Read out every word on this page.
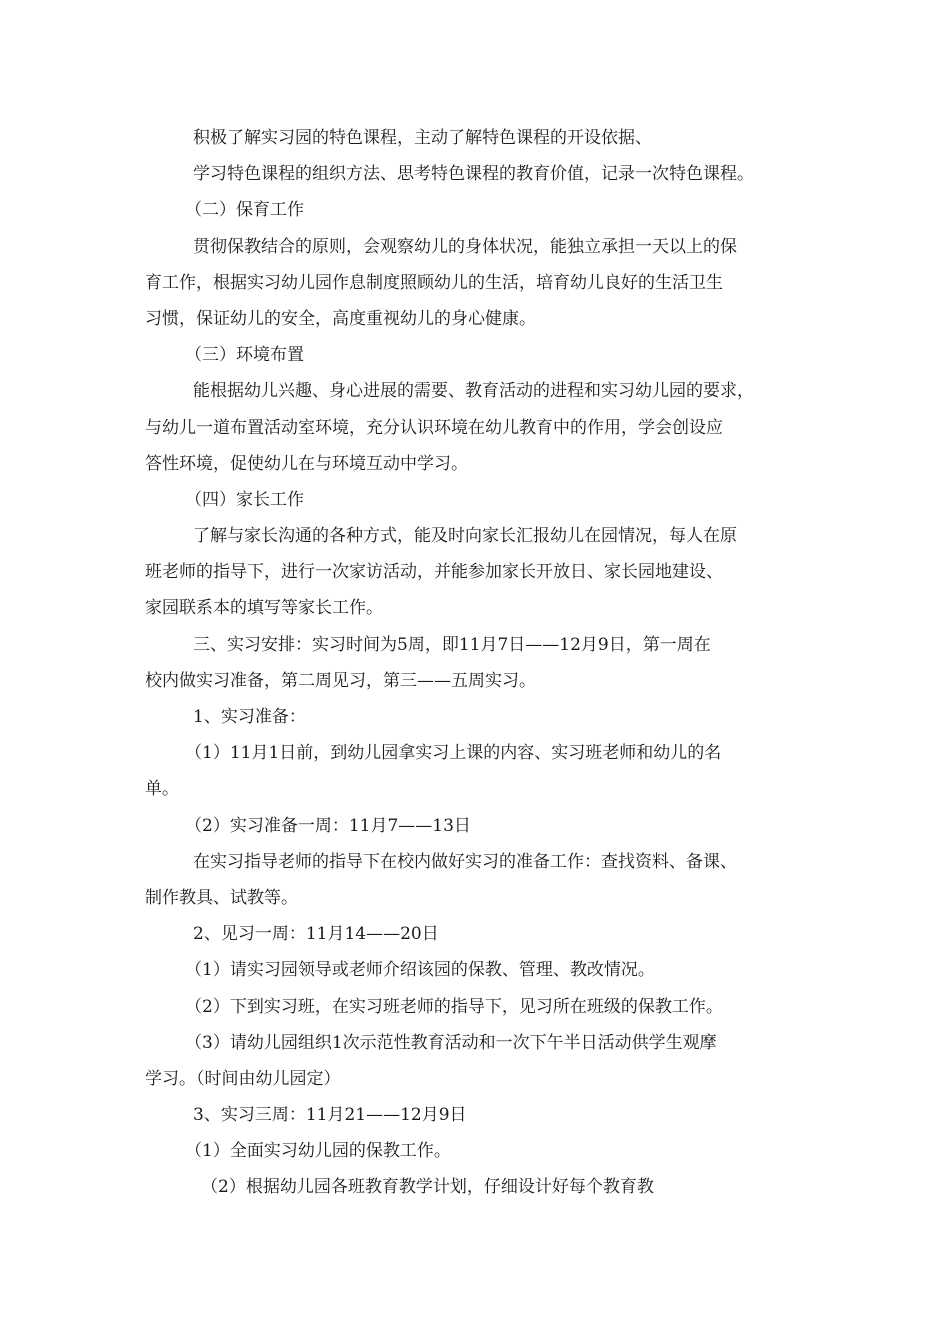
积极了解实习园的特色课程，主动了解特色课程的开设依据、
学习特色课程的组织方法、思考特色课程的教育价值，记录一次特色课程。
（二）保育工作
贯彻保教结合的原则，会观察幼儿的身体状况，能独立承担一天以上的保
育工作，根据实习幼儿园作息制度照顾幼儿的生活，培育幼儿良好的生活卫生
习惯，保证幼儿的安全，高度重视幼儿的身心健康。
（三）环境布置
能根据幼儿兴趣、身心进展的需要、教育活动的进程和实习幼儿园的要求，
与幼儿一道布置活动室环境，充分认识环境在幼儿教育中的作用，学会创设应
答性环境，促使幼儿在与环境互动中学习。
（四）家长工作
了解与家长沟通的各种方式，能及时向家长汇报幼儿在园情况，每人在原
班老师的指导下，进行一次家访活动，并能参加家长开放日、家长园地建设、
家园联系本的填写等家长工作。
三、实习安排：实习时间为5周，即11月7日——12月9日，第一周在
校内做实习准备，第二周见习，第三——五周实习。
1、实习准备：
（1）11月1日前，到幼儿园拿实习上课的内容、实习班老师和幼儿的名
单。
（2）实习准备一周：11月7——13日
在实习指导老师的指导下在校内做好实习的准备工作：查找资料、备课、
制作教具、试教等。
2、见习一周：11月14——20日
（1）请实习园领导或老师介绍该园的保教、管理、教改情况。
（2）下到实习班，在实习班老师的指导下，见习所在班级的保教工作。
（3）请幼儿园组织1次示范性教育活动和一次下午半日活动供学生观摩
学习。（时间由幼儿园定）
3、实习三周：11月21——12月9日
（1）全面实习幼儿园的保教工作。
（2）根据幼儿园各班教育教学计划，仔细设计好每个教育教
